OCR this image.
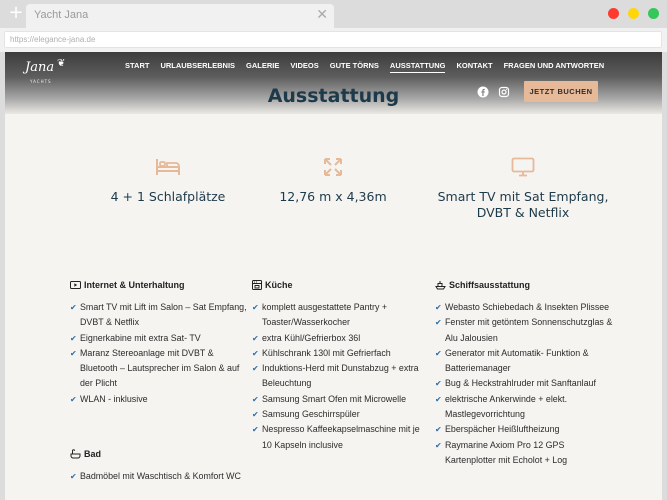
+ Yacht Jana	✕
https://elegance-jana.de
Jana ❦
YACHTS
START URLAUBSERLEBNIS GALERIE VIDEOS GUTE TÖRNS AUSSTATTUNG KONTAKT FRAGEN UND ANTWORTEN
Ausstattung	JETZT BUCHEN
4 + 1 Schlafplätze	12,76 m x 4,36m	Smart TV mit Sat Empfang, DVBT & Netflix
Internet & Unterhaltung
✔ Smart TV mit Lift im Salon – Sat Empfang, DVBT & Netflix
✔ Eignerkabine mit extra Sat- TV
✔ Maranz Stereoanlage mit DVBT & Bluetooth – Lautsprecher im Salon & auf der Plicht
✔ WLAN - inklusive
Küche
✔ komplett ausgestattete Pantry + Toaster/Wasserkocher
✔ extra Kühl/Gefrierbox 36l
✔ Kühlschrank 130l mit Gefrierfach
✔ Induktions-Herd mit Dunstabzug + extra Beleuchtung
✔ Samsung Smart Ofen mit Microwelle
✔ Samsung Geschirrspüler
✔ Nespresso Kaffeekapselmaschine mit je 10 Kapseln inclusive
Schiffsausstattung
✔ Webasto Schiebedach & Insekten Plissee
✔ Fenster mit getöntem Sonnenschutzglas & Alu Jalousien
✔ Generator mit Automatik- Funktion & Batteriemanager
✔ Bug & Heckstrahlruder mit Sanftanlauf
✔ elektrische Ankerwinde + elekt. Mastlegevorrichtung
✔ Eberspächer Heißluftheizung
✔ Raymarine Axiom Pro 12 GPS Kartenplotter mit Echolot + Log
Bad
✔ Badmöbel mit Waschtisch & Komfort WC
